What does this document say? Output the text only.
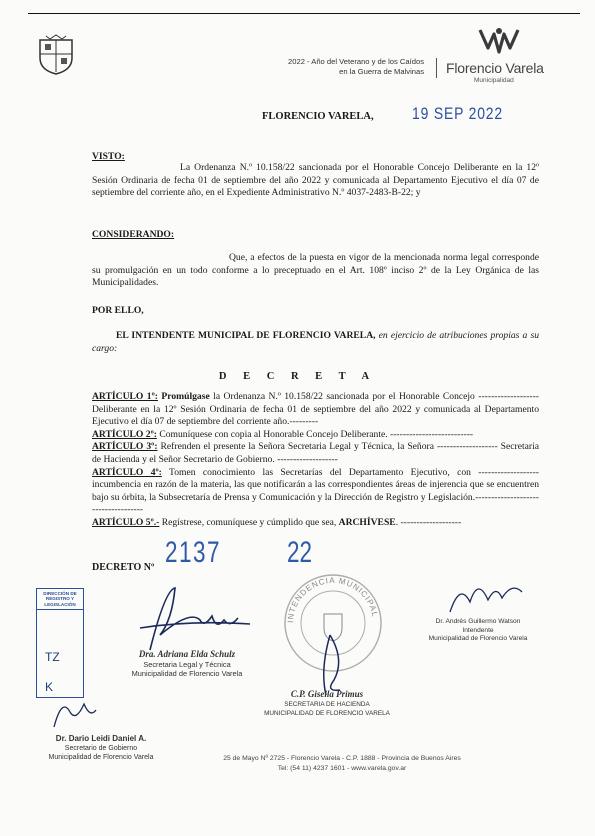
2022 - Año del Veterano y de los Caídos
en la Guerra de Malvinas Florencio Varela
Municipalidad
FLORENCIO VARELA, 19 SEP 2022
VISTO:

La Ordenanza N.º 10.158/22 sancionada por el Honorable Concejo Deliberante en la 12º Sesión Ordinaria de fecha 01 de septiembre del año 2022 y comunicada al Departamento Ejecutivo el día 07 de septiembre del corriente año, en el Expediente Administrativo N.º 4037-2483-B-22; y

CONSIDERANDO:

Que, a efectos de la puesta en vigor de la mencionada norma legal corresponde su promulgación en un todo conforme a lo preceptuado en el Art. 108º inciso 2º de la Ley Orgánica de las Municipalidades.

POR ELLO,

EL INTENDENTE MUNICIPAL DE FLORENCIO VARELA, en ejercicio de atribuciones propias a su cargo:

D E C R E T A

ARTÍCULO 1º: Promúlgase la Ordenanza N.º 10.158/22 sancionada por el Honorable Concejo ------------------- Deliberante en la 12º Sesión Ordinaria de fecha 01 de septiembre del año 2022 y comunicada al Departamento Ejecutivo el día 07 de septiembre del corriente año.---------

ARTÍCULO 2º: Comuníquese con copia al Honorable Concejo Deliberante. --------------------------

ARTÍCULO 3º: Refrenden el presente la Señora Secretaria Legal y Técnica, la Señora ------------------- Secretaria de Hacienda y el Señor Secretario de Gobierno. -------------------

ARTÍCULO 4º: Tomen conocimiento las Secretarías del Departamento Ejecutivo, con ------------------- incumbencia en razón de la materia, las que notificarán a las correspondientes áreas de injerencia que se encuentren bajo su órbita, la Subsecretaría de Prensa y Comunicación y la Dirección de Registro y Legislación.------------------------------------

ARTÍCULO 5º.- Regístrese, comuníquese y cúmplido que sea, ARCHÍVESE. -------------------

DECRETO Nº 2137 22
DIRECCIÓN DE REGISTRO Y LEGISLACIÓN
TZ
K
INTENDENCIA MUNICIPAL
Dra. Adriana Elda Schulz
Secretaria Legal y Técnica
Municipalidad de Florencio Varela
C.P. Gisella Primus
SECRETARIA DE HACIENDA
MUNICIPALIDAD DE FLORENCIO VARELA
Dr. Andrés Guillermo Watson
Intendente
Municipalidad de Florencio Varela
Dr. Dario Leidi Daniel A.
Secretario de Gobierno
Municipalidad de Florencio Varela	25 de Mayo Nº 2725 - Florencio Varela - C.P. 1888 - Provincia de Buenos Aires
Tel: (54 11) 4237 1601 - www.varela.gov.ar
